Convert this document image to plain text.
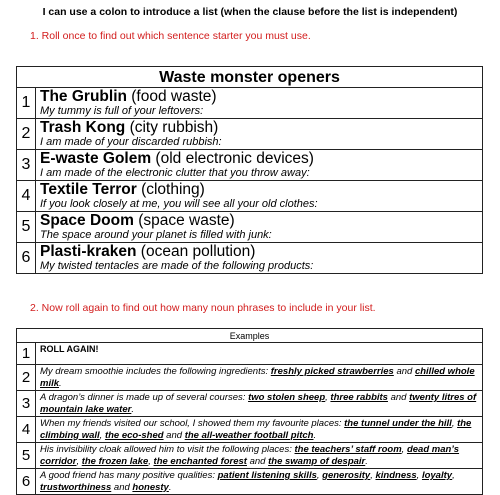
I can use a colon to introduce a list (when the clause before the list is independent)
1. Roll once to find out which sentence starter you must use.
Waste monster openers	
1	The Grublin (food waste)
My tummy is full of your leftovers:

2	Trash Kong (city rubbish)
I am made of your discarded rubbish:

3	E-waste Golem (old electronic devices)
I am made of the electronic clutter that you throw away:

4	Textile Terror (clothing)
If you look closely at me, you will see all your old clothes:

5	Space Doom (space waste)
The space around your planet is filled with junk:

6	Plasti-kraken (ocean pollution)
My twisted tentacles are made of the following products:
2. Now roll again to find out how many noun phrases to include in your list.
Examples	
1	ROLL AGAIN!
2	My dream smoothie includes the following ingredients: freshly picked strawberries and chilled whole milk.
3	A dragon’s dinner is made up of several courses: two stolen sheep, three rabbits and twenty litres of mountain lake water.
4	When my friends visited our school, I showed them my favourite places: the tunnel under the hill, the climbing wall, the eco-shed and the all-weather football pitch.
5	His invisibility cloak allowed him to visit the following places: the teachers’ staff room, dead man’s corridor, the frozen lake, the enchanted forest and the swamp of despair.
6	A good friend has many positive qualities: patient listening skills, generosity, kindness, loyalty, trustworthiness and honesty.
